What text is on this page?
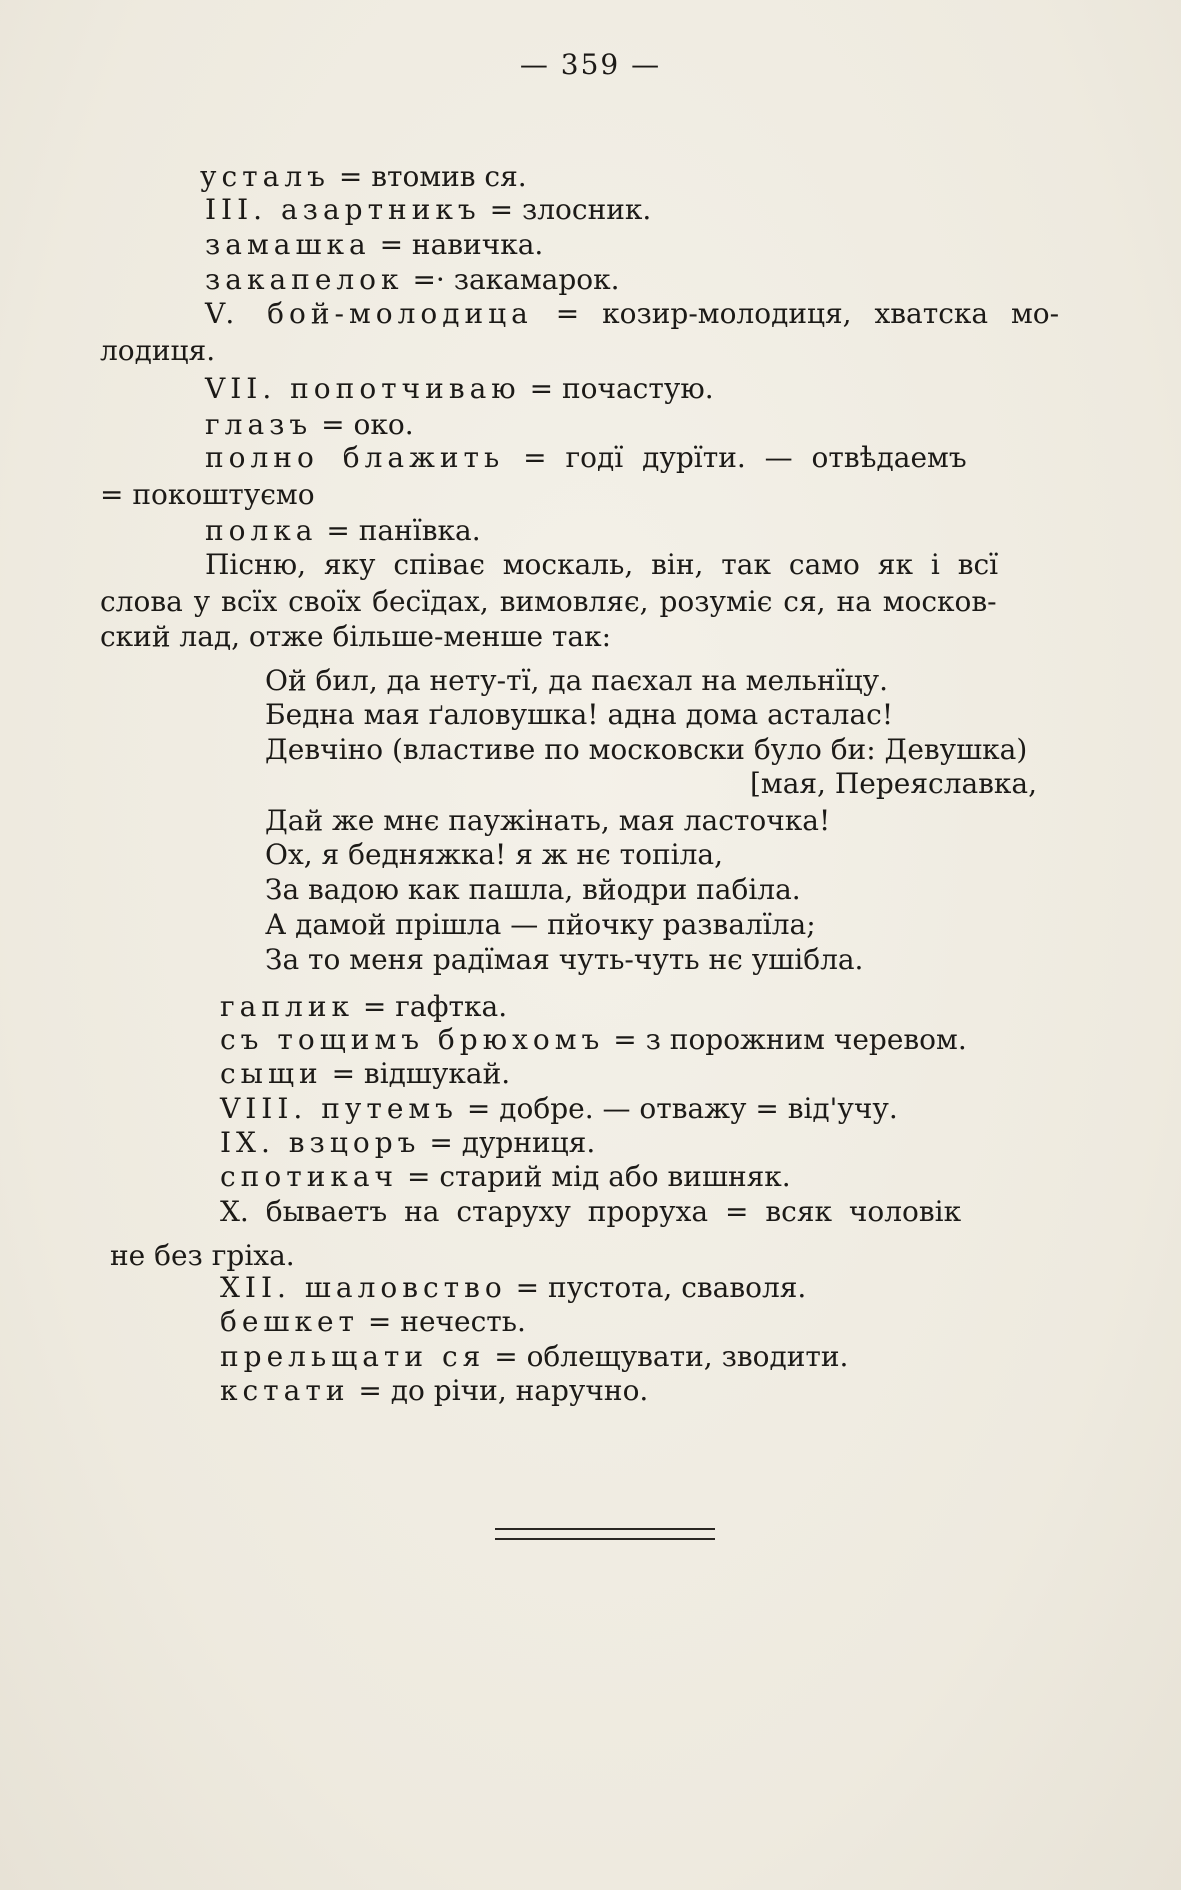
— 359 —
усталъ = втомив ся.
III. азартникъ = злосник.
замашка = навичка.
закапелок =· закамарок.
V. бой-молодица = козир-молодиця, хватска мо-
лодиця.
VII. попотчиваю = почастую.
глазъ = око.
полно блажить = годї дурїти. — отвѣдаемъ
= покоштуємо
полка = панївка.
Пісню, яку співає москаль, він, так само як і всї
слова у всїх своїх бесїдах, вимовляє, розуміє ся, на москов-
ский лад, отже більше-менше так:
Ой бил, да нету-тї, да паєхал на мельнїцу.
Бедна мая ґаловушка! адна дома асталас!
Девчіно (властиве по московски було би: Девушка)
[мая, Переяславка,
Дай же мнє паужінать, мая ласточка!
Ох, я бедняжка! я ж нє топіла,
За вадою как пашла, вйодри пабіла.
А дамой прішла — пйочку развалїла;
За то меня радїмая чуть-чуть нє ушібла.
гаплик = гафтка.
съ тощимъ брюхомъ = з порожним черевом.
сыщи = відшукай.
VIII. путемъ = добре. — отважу = від'учу.
IX. взцоръ = дурниця.
спотикач = старий мід або вишняк.
X. бываетъ на старуху проруха = всяк чоловік
не без гріха.
XII. шаловство = пустота, сваволя.
бешкет = нечесть.
прельщати ся = облещувати, зводити.
кстати = до річи, наручно.
